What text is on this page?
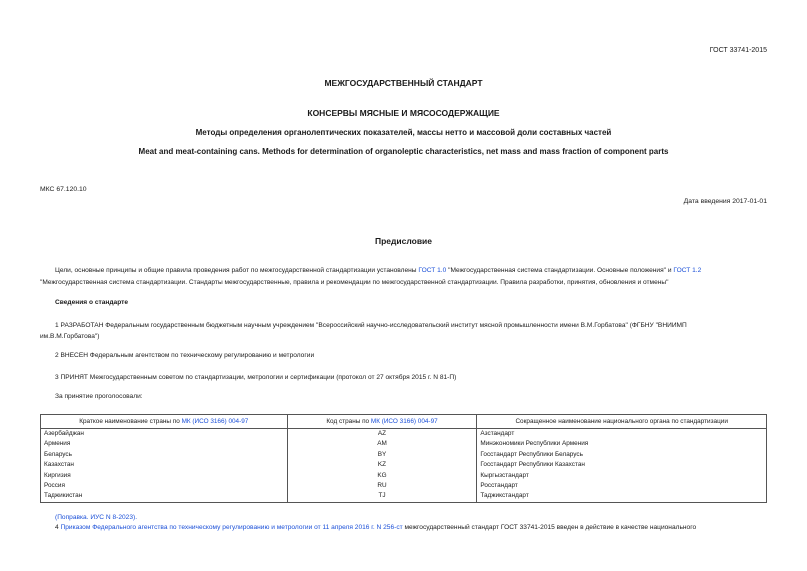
ГОСТ 33741-2015
МЕЖГОСУДАРСТВЕННЫЙ СТАНДАРТ
КОНСЕРВЫ МЯСНЫЕ И МЯСОСОДЕРЖАЩИЕ
Методы определения органолептических показателей, массы нетто и массовой доли составных частей
Meat and meat-containing cans. Methods for determination of organoleptic characteristics, net mass and mass fraction of component parts
МКС 67.120.10
Дата введения 2017-01-01
Предисловие
Цели, основные принципы и общие правила проведения работ по межгосударственной стандартизации установлены ГОСТ 1.0 "Межгосударственная система стандартизации. Основные положения" и ГОСТ 1.2
"Межгосударственная система стандартизации. Стандарты межгосударственные, правила и рекомендации по межгосударственной стандартизации. Правила разработки, принятия, обновления и отмены"
Сведения о стандарте
1 РАЗРАБОТАН Федеральным государственным бюджетным научным учреждением "Всероссийский научно-исследовательский институт мясной промышленности имени В.М.Горбатова" (ФГБНУ "ВНИИМП
им.В.М.Горбатова")
2 ВНЕСЕН Федеральным агентством по техническому регулированию и метрологии
3 ПРИНЯТ Межгосударственным советом по стандартизации, метрологии и сертификации (протокол от 27 октября 2015 г. N 81-П)
За принятие проголосовали:
Краткое наименование страны по МК (ИСО 3166) 004-97	Код страны по МК (ИСО 3166) 004-97	Сокращенное наименование национального органа по стандартизации
Азербайджан	AZ	Азстандарт
Армения	AM	Минэкономики Республики Армения
Беларусь	BY	Госстандарт Республики Беларусь
Казахстан	KZ	Госстандарт Республики Казахстан
Киргизия	KG	Кыргызстандарт
Россия	RU	Росстандарт
Таджикистан	TJ	Таджикстандарт
(Поправка. ИУС N 8-2023).
4 Приказом Федерального агентства по техническому регулированию и метрологии от 11 апреля 2016 г. N 256-ст межгосударственный стандарт ГОСТ 33741-2015 введен в действие в качестве национального
